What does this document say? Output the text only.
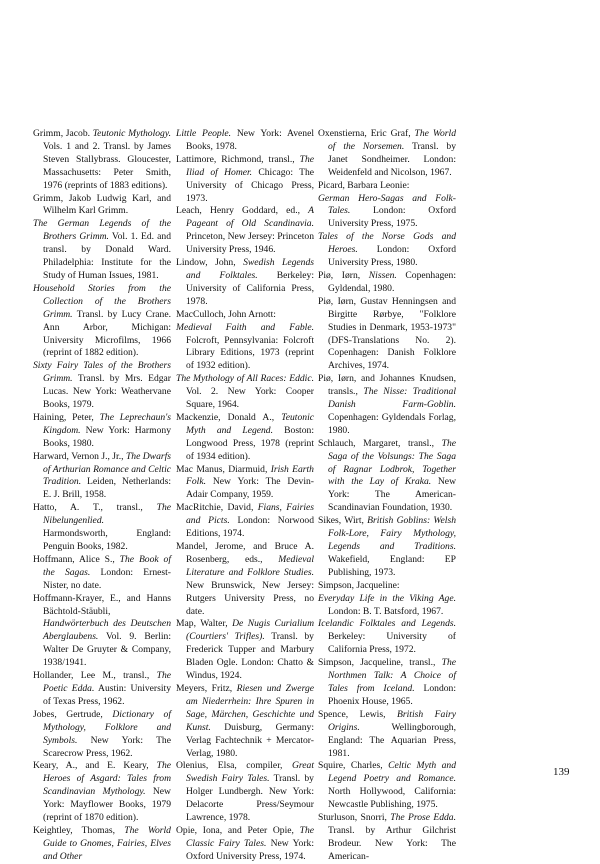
Grimm, Jacob. Teutonic Mythology. Vols. 1 and 2. Transl. by James Steven Stallybrass. Gloucester, Massachusetts: Peter Smith, 1976 (reprints of 1883 editions).

Grimm, Jakob Ludwig Karl, and Wilhelm Karl Grimm.

The German Legends of the Brothers Grimm. Vol. 1. Ed. and transl. by Donald Ward. Philadelphia: Institute for the Study of Human Issues, 1981.

Household Stories from the Collection of the Brothers Grimm. Transl. by Lucy Crane. Ann Arbor, Michigan: University Microfilms, 1966 (reprint of 1882 edition).

Sixty Fairy Tales of the Brothers Grimm. Transl. by Mrs. Edgar Lucas. New York: Weathervane Books, 1979.

Haining, Peter, The Leprechaun's Kingdom. New York: Harmony Books, 1980.

Harward, Vernon J., Jr., The Dwarfs of Arthurian Romance and Celtic Tradition. Leiden, Netherlands: E. J. Brill, 1958.

Hatto, A. T., transl., The Nibelungenlied. Harmondsworth, England: Penguin Books, 1982.

Hoffmann, Alice S., The Book of the Sagas. London: Ernest-Nister, no date.

Hoffmann-Krayer, E., and Hanns Bächtold-Stäubli, Handwörterbuch des Deutschen Aberglaubens. Vol. 9. Berlin: Walter De Gruyter & Company, 1938/1941.

Hollander, Lee M., transl., The Poetic Edda. Austin: University of Texas Press, 1962.

Jobes, Gertrude, Dictionary of Mythology, Folklore and Symbols. New York: The Scarecrow Press, 1962.

Keary, A., and E. Keary, The Heroes of Asgard: Tales from Scandinavian Mythology. New York: Mayflower Books, 1979 (reprint of 1870 edition).

Keightley, Thomas, The World Guide to Gnomes, Fairies, Elves and Other

Little People. New York: Avenel Books, 1978.

Lattimore, Richmond, transl., The Iliad of Homer. Chicago: The University of Chicago Press, 1973.

Leach, Henry Goddard, ed., A Pageant of Old Scandinavia. Princeton, New Jersey: Princeton University Press, 1946.

Lindow, John, Swedish Legends and Folktales. Berkeley: University of California Press, 1978.

MacCulloch, John Arnott:

Medieval Faith and Fable. Folcroft, Pennsylvania: Folcroft Library Editions, 1973 (reprint of 1932 edition).

The Mythology of All Races: Eddic. Vol. 2. New York: Cooper Square, 1964.

Mackenzie, Donald A., Teutonic Myth and Legend. Boston: Longwood Press, 1978 (reprint of 1934 edition).

Mac Manus, Diarmuid, Irish Earth Folk. New York: The Devin-Adair Company, 1959.

MacRitchie, David, Fians, Fairies and Picts. London: Norwood Editions, 1974.

Mandel, Jerome, and Bruce A. Rosenberg, eds., Medieval Literature and Folklore Studies. New Brunswick, New Jersey: Rutgers University Press, no date.

Map, Walter, De Nugis Curialium (Courtiers' Trifles). Transl. by Frederick Tupper and Marbury Bladen Ogle. London: Chatto & Windus, 1924.

Meyers, Fritz, Riesen und Zwerge am Niederrhein: Ihre Spuren in Sage, Märchen, Geschichte und Kunst. Duisburg, Germany: Verlag Fachtechnik + Mercator-Verlag, 1980.

Olenius, Elsa, compiler, Great Swedish Fairy Tales. Transl. by Holger Lundbergh. New York: Delacorte Press/Seymour Lawrence, 1978.

Opie, Iona, and Peter Opie, The Classic Fairy Tales. New York: Oxford University Press, 1974.

Oxenstierna, Eric Graf, The World of the Norsemen. Transl. by Janet Sondheimer. London: Weidenfeld and Nicolson, 1967.

Picard, Barbara Leonie:

German Hero-Sagas and Folk-Tales. London: Oxford University Press, 1975.

Tales of the Norse Gods and Heroes. London: Oxford University Press, 1980.

Piø, Iørn, Nissen. Copenhagen: Gyldendal, 1980.

Piø, Iørn, Gustav Henningsen and Birgitte Rørbye, "Folklore Studies in Denmark, 1953-1973" (DFS-Translations No. 2). Copenhagen: Danish Folklore Archives, 1974.

Piø, Iørn, and Johannes Knudsen, transls., The Nisse: Traditional Danish Farm-Goblin. Copenhagen: Gyldendals Forlag, 1980.

Schlauch, Margaret, transl., The Saga of the Volsungs: The Saga of Ragnar Lodbrok, Together with the Lay of Kraka. New York: The American-Scandinavian Foundation, 1930.

Sikes, Wirt, British Goblins: Welsh Folk-Lore, Fairy Mythology, Legends and Traditions. Wakefield, England: EP Publishing, 1973.

Simpson, Jacqueline:

Everyday Life in the Viking Age. London: B. T. Batsford, 1967.

Icelandic Folktales and Legends. Berkeley: University of California Press, 1972.

Simpson, Jacqueline, transl., The Northmen Talk: A Choice of Tales from Iceland. London: Phoenix House, 1965.

Spence, Lewis, British Fairy Origins. Wellingborough, England: The Aquarian Press, 1981.

Squire, Charles, Celtic Myth and Legend Poetry and Romance. North Hollywood, California: Newcastle Publishing, 1975.

Sturluson, Snorri, The Prose Edda. Transl. by Arthur Gilchrist Brodeur. New York: The American-

139
